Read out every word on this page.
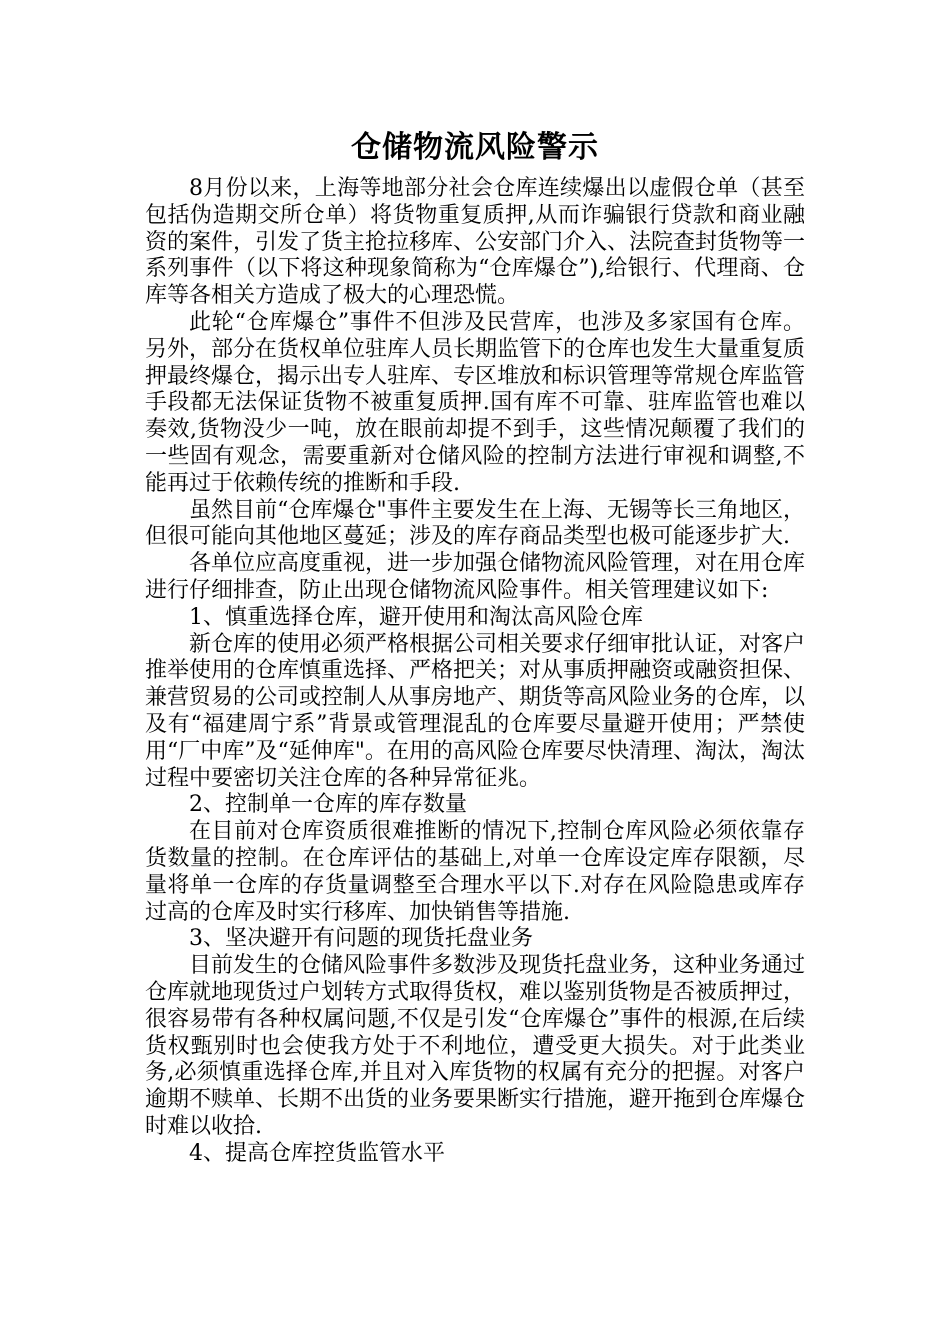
仓储物流风险警示

8月份以来，上海等地部分社会仓库连续爆出以虚假仓单（甚至包括伪造期交所仓单）将货物重复质押,从而诈骗银行贷款和商业融资的案件，引发了货主抢拉移库、公安部门介入、法院查封货物等一系列事件（以下将这种现象简称为“仓库爆仓”),给银行、代理商、仓库等各相关方造成了极大的心理恐慌。

此轮“仓库爆仓”事件不但涉及民营库，也涉及多家国有仓库。另外，部分在货权单位驻库人员长期监管下的仓库也发生大量重复质押最终爆仓，揭示出专人驻库、专区堆放和标识管理等常规仓库监管手段都无法保证货物不被重复质押.国有库不可靠、驻库监管也难以奏效,货物没少一吨，放在眼前却提不到手，这些情况颠覆了我们的一些固有观念，需要重新对仓储风险的控制方法进行审视和调整,不能再过于依赖传统的推断和手段.

虽然目前“仓库爆仓"事件主要发生在上海、无锡等长三角地区，但很可能向其他地区蔓延；涉及的库存商品类型也极可能逐步扩大.

各单位应高度重视，进一步加强仓储物流风险管理，对在用仓库进行仔细排查，防止出现仓储物流风险事件。相关管理建议如下:

1、慎重选择仓库，避开使用和淘汰高风险仓库

新仓库的使用必须严格根据公司相关要求仔细审批认证，对客户推举使用的仓库慎重选择、严格把关；对从事质押融资或融资担保、兼营贸易的公司或控制人从事房地产、期货等高风险业务的仓库，以及有“福建周宁系”背景或管理混乱的仓库要尽量避开使用；严禁使用“厂中库”及“延伸库"。在用的高风险仓库要尽快清理、淘汰，淘汰过程中要密切关注仓库的各种异常征兆。

2、控制单一仓库的库存数量

在目前对仓库资质很难推断的情况下,控制仓库风险必须依靠存货数量的控制。在仓库评估的基础上,对单一仓库设定库存限额，尽量将单一仓库的存货量调整至合理水平以下.对存在风险隐患或库存过高的仓库及时实行移库、加快销售等措施.

3、坚决避开有问题的现货托盘业务

目前发生的仓储风险事件多数涉及现货托盘业务，这种业务通过仓库就地现货过户划转方式取得货权，难以鉴别货物是否被质押过，很容易带有各种权属问题,不仅是引发“仓库爆仓”事件的根源,在后续货权甄别时也会使我方处于不利地位，遭受更大损失。对于此类业务,必须慎重选择仓库,并且对入库货物的权属有充分的把握。对客户逾期不赎单、长期不出货的业务要果断实行措施，避开拖到仓库爆仓时难以收拾.

4、提高仓库控货监管水平
